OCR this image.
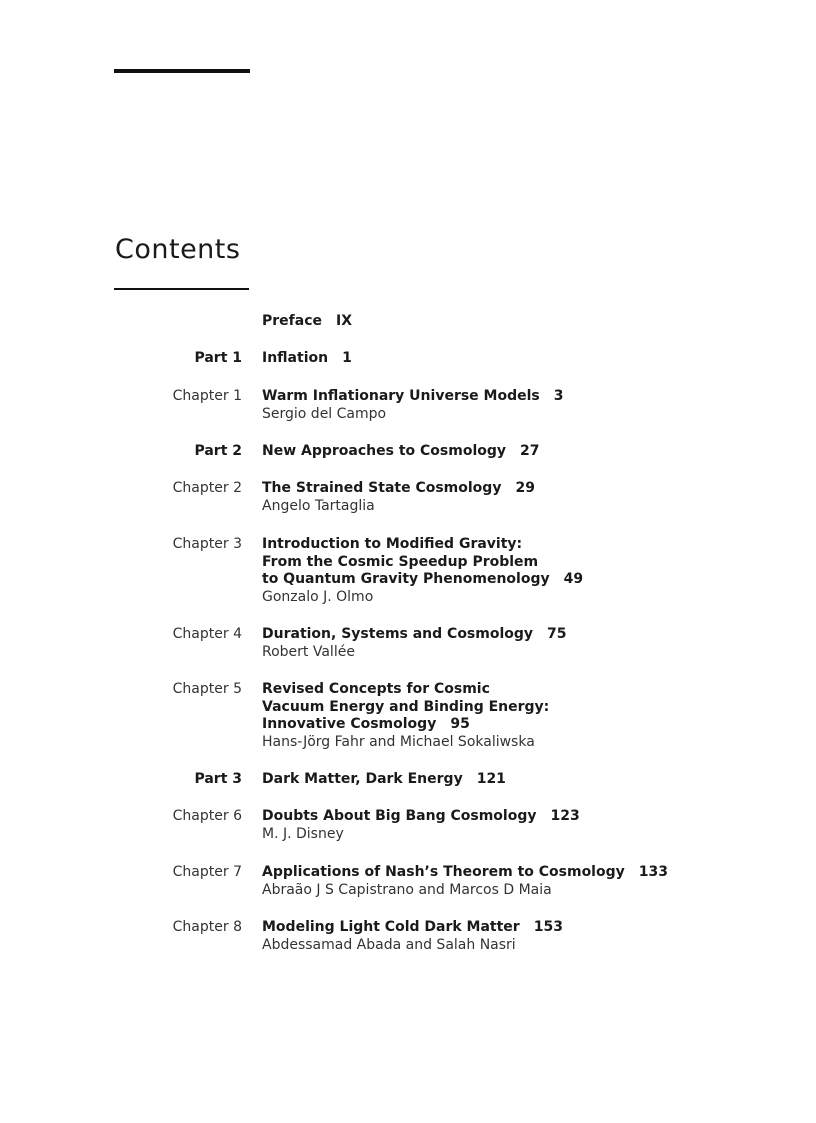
Contents
Preface IX
Part 1 Inflation 1
Chapter 1 Warm Inflationary Universe Models 3
Sergio del Campo
Part 2 New Approaches to Cosmology 27
Chapter 2 The Strained State Cosmology 29
Angelo Tartaglia
Chapter 3 Introduction to Modified Gravity:
From the Cosmic Speedup Problem
to Quantum Gravity Phenomenology 49
Gonzalo J. Olmo
Chapter 4 Duration, Systems and Cosmology 75
Robert Vallée
Chapter 5 Revised Concepts for Cosmic
Vacuum Energy and Binding Energy:
Innovative Cosmology 95
Hans-Jörg Fahr and Michael Sokaliwska
Part 3 Dark Matter, Dark Energy 121
Chapter 6 Doubts About Big Bang Cosmology 123
M. J. Disney
Chapter 7 Applications of Nash’s Theorem to Cosmology 133
Abraão J S Capistrano and Marcos D Maia
Chapter 8 Modeling Light Cold Dark Matter 153
Abdessamad Abada and Salah Nasri
